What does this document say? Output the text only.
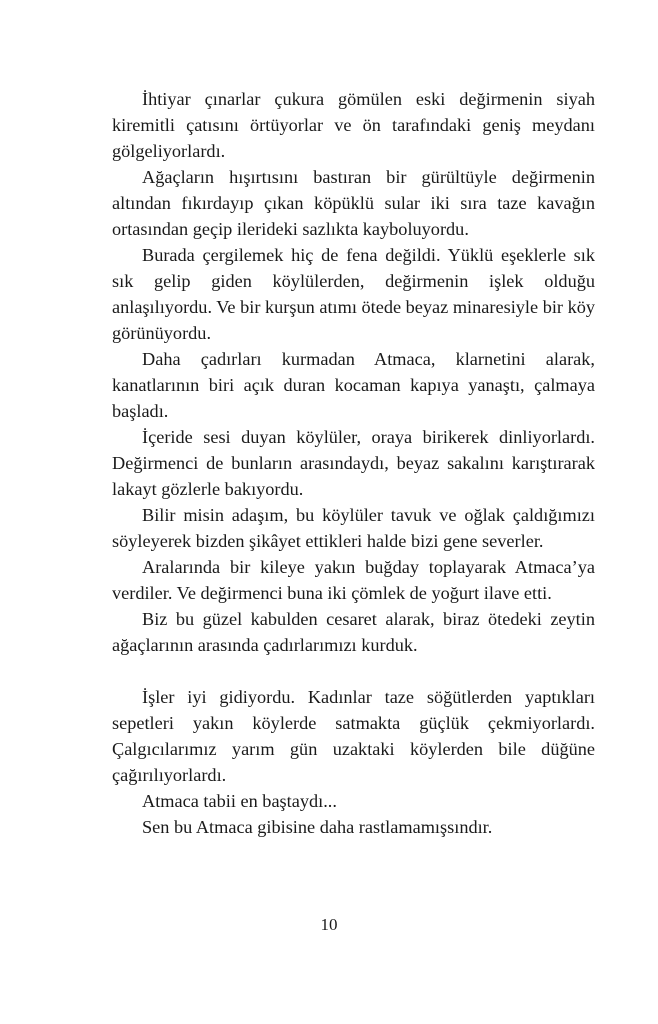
İhtiyar çınarlar çukura gömülen eski değirmenin siyah kiremitli çatısını örtüyorlar ve ön tarafındaki geniş meydanı gölgeliyorlardı.

Ağaçların hışırtısını bastıran bir gürültüyle değirmenin altından fıkırdayıp çıkan köpüklü sular iki sıra taze kavağın ortasından geçip ilerideki sazlıkta kayboluyordu.

Burada çergilemek hiç de fena değildi. Yüklü eşeklerle sık sık gelip giden köylülerden, değirmenin işlek olduğu anlaşılıyordu. Ve bir kurşun atımı ötede beyaz minaresiyle bir köy görünüyordu.

Daha çadırları kurmadan Atmaca, klarnetini alarak, kanatlarının biri açık duran kocaman kapıya yanaştı, çalmaya başladı.

İçeride sesi duyan köylüler, oraya birikerek dinliyorlardı. Değirmenci de bunların arasındaydı, beyaz sakalını karıştırarak lakayt gözlerle bakıyordu.

Bilir misin adaşım, bu köylüler tavuk ve oğlak çaldığımızı söyleyerek bizden şikâyet ettikleri halde bizi gene severler.

Aralarında bir kileye yakın buğday toplayarak Atmaca’ya verdiler. Ve değirmenci buna iki çömlek de yoğurt ilave etti.

Biz bu güzel kabulden cesaret alarak, biraz ötedeki zeytin ağaçlarının arasında çadırlarımızı kurduk.

İşler iyi gidiyordu. Kadınlar taze söğütlerden yaptıkları sepetleri yakın köylerde satmakta güçlük çekmiyorlardı. Çalgıcılarımız yarım gün uzaktaki köylerden bile düğüne çağırılıyorlardı.

Atmaca tabii en baştaydı...

Sen bu Atmaca gibisine daha rastlamamışsındır.

10
